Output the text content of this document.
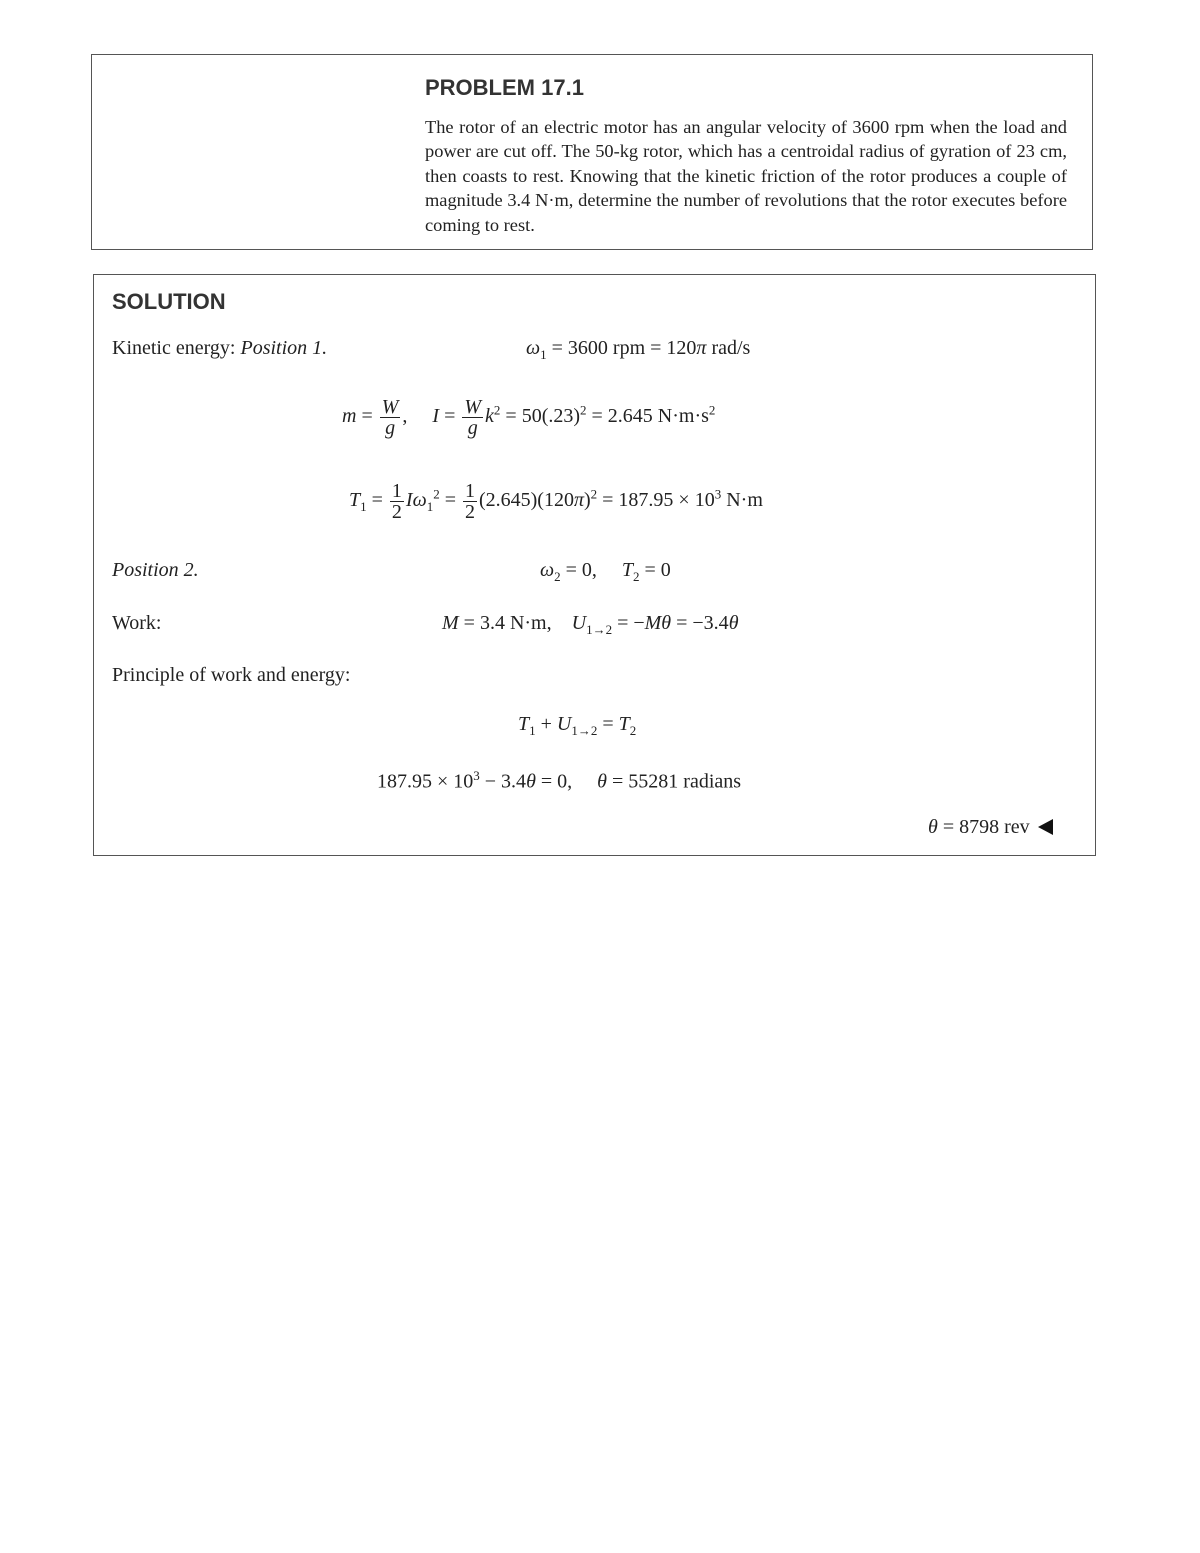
PROBLEM 17.1
The rotor of an electric motor has an angular velocity of 3600 rpm when the load and power are cut off. The 50-kg rotor, which has a centroidal radius of gyration of 23 cm, then coasts to rest. Knowing that the kinetic friction of the rotor produces a couple of magnitude 3.4 N·m, determine the number of revolutions that the rotor executes before coming to rest.
SOLUTION
Kinetic energy: Position 1.	$\omega_1 = 3600$ rpm = 120π rad/s
$m = \frac{W}{g}$ ,     $I = \frac{W}{g} k^2 = 50(.23)^2 = 2.645$ $N\cdot m\cdot s^2$
$T_1 = \frac{1}{2} I\omega_1^2 = \frac{1}{2} (2.645)(120\pi)^2 = 187.95 \times 10^3$ N·m
Position 2.	$\omega_2 = 0$, $T_2 = 0$
Work:	M = 3.4 N·m, $U_{1\to 2} = -M\theta = -3.4\theta$
Principle of work and energy:
$T_1 + U_{1\to 2} = T_2$
$187.95 \times 10^3 - 3.4\theta = 0$, θ = 55281 radians
θ = 8798 rev
